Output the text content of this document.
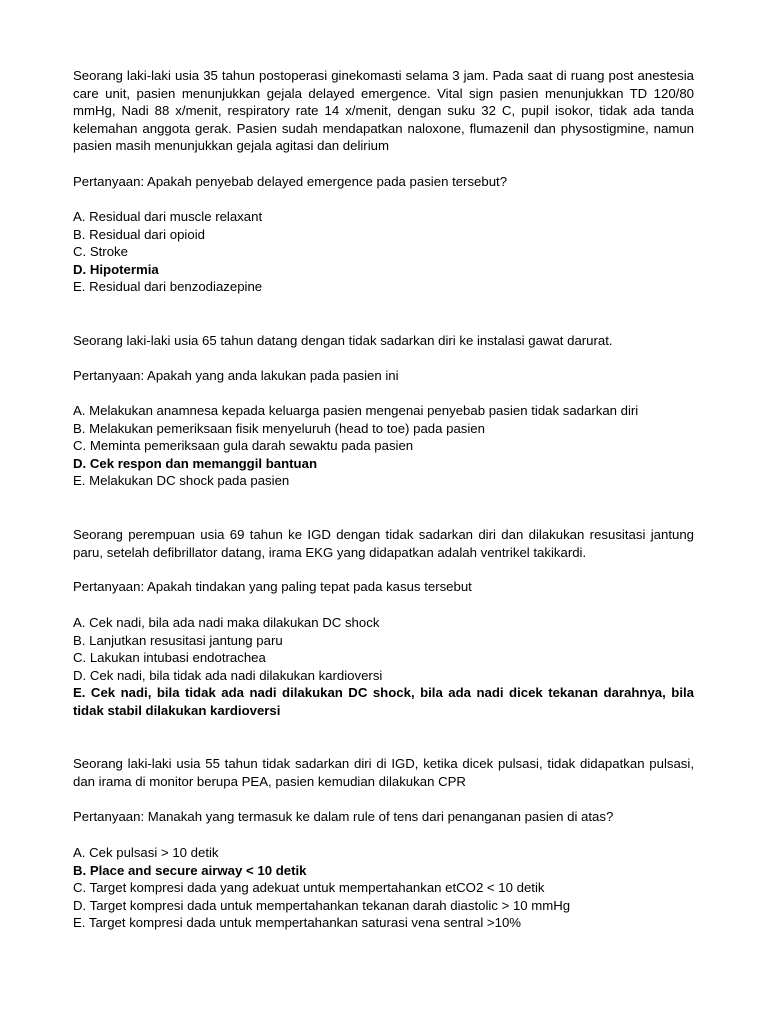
Seorang laki-laki usia 35 tahun postoperasi ginekomasti selama 3 jam. Pada saat di ruang post anestesia care unit, pasien menunjukkan gejala delayed emergence. Vital sign pasien menunjukkan TD 120/80 mmHg, Nadi 88 x/menit, respiratory rate 14 x/menit, dengan suku 32 C, pupil isokor, tidak ada tanda kelemahan anggota gerak. Pasien sudah mendapatkan naloxone, flumazenil dan physostigmine, namun pasien masih menunjukkan gejala agitasi dan delirium

Pertanyaan: Apakah penyebab delayed emergence pada pasien tersebut?

A. Residual dari muscle relaxant
B. Residual dari opioid
C. Stroke
D. Hipotermia
E. Residual dari benzodiazepine

Seorang laki-laki usia 65 tahun datang dengan tidak sadarkan diri ke instalasi gawat darurat.

Pertanyaan: Apakah yang anda lakukan pada pasien ini

A. Melakukan anamnesa kepada keluarga pasien mengenai penyebab pasien tidak sadarkan diri
B. Melakukan pemeriksaan fisik menyeluruh (head to toe) pada pasien
C. Meminta pemeriksaan gula darah sewaktu pada pasien
D. Cek respon dan memanggil bantuan
E. Melakukan DC shock pada pasien

Seorang perempuan usia 69 tahun ke IGD dengan tidak sadarkan diri dan dilakukan resusitasi jantung paru, setelah defibrillator datang, irama EKG yang didapatkan adalah ventrikel takikardi.

Pertanyaan: Apakah tindakan yang paling tepat pada kasus tersebut

A. Cek nadi, bila ada nadi maka dilakukan DC shock
B. Lanjutkan resusitasi jantung paru
C. Lakukan intubasi endotrachea
D. Cek nadi, bila tidak ada nadi dilakukan kardioversi
E. Cek nadi, bila tidak ada nadi dilakukan DC shock, bila ada nadi dicek tekanan darahnya, bila tidak stabil dilakukan kardioversi

Seorang laki-laki usia 55 tahun tidak sadarkan diri di IGD, ketika dicek pulsasi, tidak didapatkan pulsasi, dan irama di monitor berupa PEA, pasien kemudian dilakukan CPR

Pertanyaan: Manakah yang termasuk ke dalam rule of tens dari penanganan pasien di atas?

A. Cek pulsasi > 10 detik
B. Place and secure airway < 10 detik
C. Target kompresi dada yang adekuat untuk mempertahankan etCO2 < 10 detik
D. Target kompresi dada untuk mempertahankan tekanan darah diastolic > 10 mmHg
E. Target kompresi dada untuk mempertahankan saturasi vena sentral >10%
